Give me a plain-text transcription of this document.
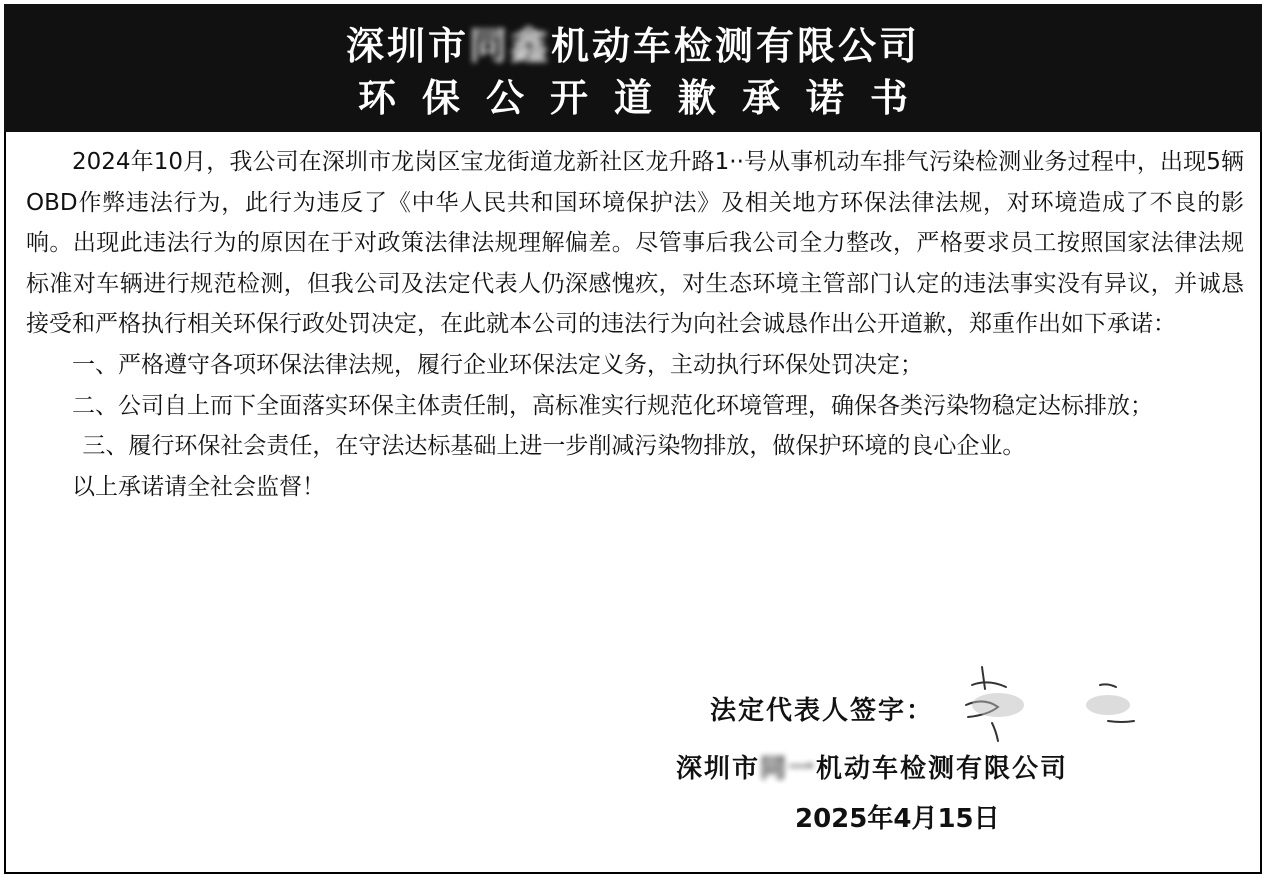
深圳市同鑫机动车检测有限公司
环保公开道歉承诺书

2024年10月，我公司在深圳市龙岗区宝龙街道龙新社区龙升路1··号从事机动车排气污染检测业务过程中，出现5辆OBD作弊违法行为，此行为违反了《中华人民共和国环境保护法》及相关地方环保法律法规，对环境造成了不良的影响。出现此违法行为的原因在于对政策法律法规理解偏差。尽管事后我公司全力整改，严格要求员工按照国家法律法规标准对车辆进行规范检测，但我公司及法定代表人仍深感愧疚，对生态环境主管部门认定的违法事实没有异议，并诚恳接受和严格执行相关环保行政处罚决定，在此就本公司的违法行为向社会诚恳作出公开道歉，郑重作出如下承诺：

一、严格遵守各项环保法律法规，履行企业环保法定义务，主动执行环保处罚决定；

二、公司自上而下全面落实环保主体责任制，高标准实行规范化环境管理，确保各类污染物稳定达标排放；

三、履行环保社会责任，在守法达标基础上进一步削减污染物排放，做保护环境的良心企业。

以上承诺请全社会监督！

法定代表人签字：
深圳市同一机动车检测有限公司
2025年4月15日
